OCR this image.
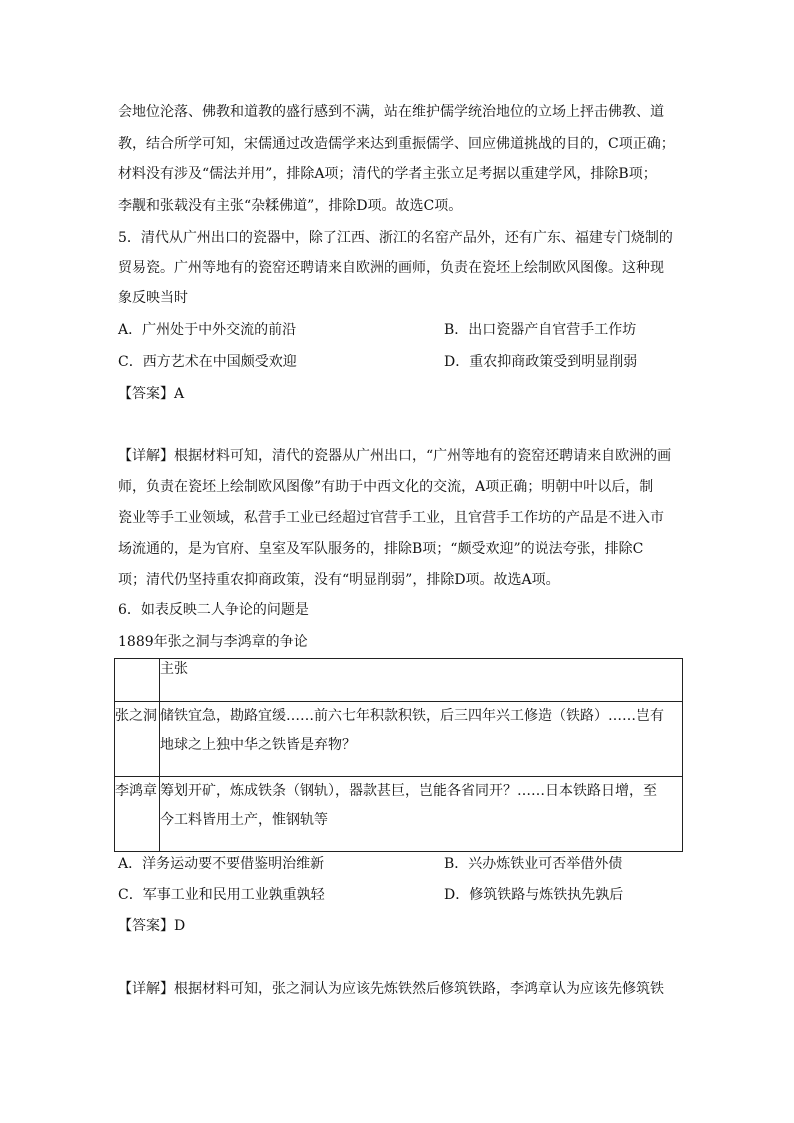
会地位沦落、佛教和道教的盛行感到不满，站在维护儒学统治地位的立场上抨击佛教、道
教，结合所学可知，宋儒通过改造儒学来达到重振儒学、回应佛道挑战的目的，C项正确；
材料没有涉及“儒法并用”，排除A项；清代的学者主张立足考据以重建学风，排除B项；
李觏和张载没有主张“杂糅佛道”，排除D项。故选C项。
5．清代从广州出口的瓷器中，除了江西、浙江的名窑产品外，还有广东、福建专门烧制的
贸易瓷。广州等地有的瓷窑还聘请来自欧洲的画师，负责在瓷坯上绘制欧风图像。这种现
象反映当时
A．广州处于中外交流的前沿	B．出口瓷器产自官营手工作坊
C．西方艺术在中国颇受欢迎	D．重农抑商政策受到明显削弱
【答案】A
【详解】根据材料可知，清代的瓷器从广州出口，“广州等地有的瓷窑还聘请来自欧洲的画
师，负责在瓷坯上绘制欧风图像”有助于中西文化的交流，A项正确；明朝中叶以后，制
瓷业等手工业领域，私营手工业已经超过官营手工业，且官营手工作坊的产品是不进入市
场流通的，是为官府、皇室及军队服务的，排除B项；“颇受欢迎”的说法夸张，排除C
项；清代仍坚持重农抑商政策，没有“明显削弱”，排除D项。故选A项。
6．如表反映二人争论的问题是
1889年张之洞与李鸿章的争论
	主张
张之洞	储铁宜急，勘路宜缓……前六七年积款积铁，后三四年兴工修造（铁路）……岂有
地球之上独中华之铁皆是弃物？

李鸿章	筹划开矿，炼成铁条（钢轨），器款甚巨，岂能各省同开？……日本铁路日增，至
今工料皆用土产，惟钢轨等
A．洋务运动要不要借鉴明治维新	B．兴办炼铁业可否举借外债
C．军事工业和民用工业孰重孰轻	D．修筑铁路与炼铁执先孰后
【答案】D
【详解】根据材料可知，张之洞认为应该先炼铁然后修筑铁路，李鸿章认为应该先修筑铁
